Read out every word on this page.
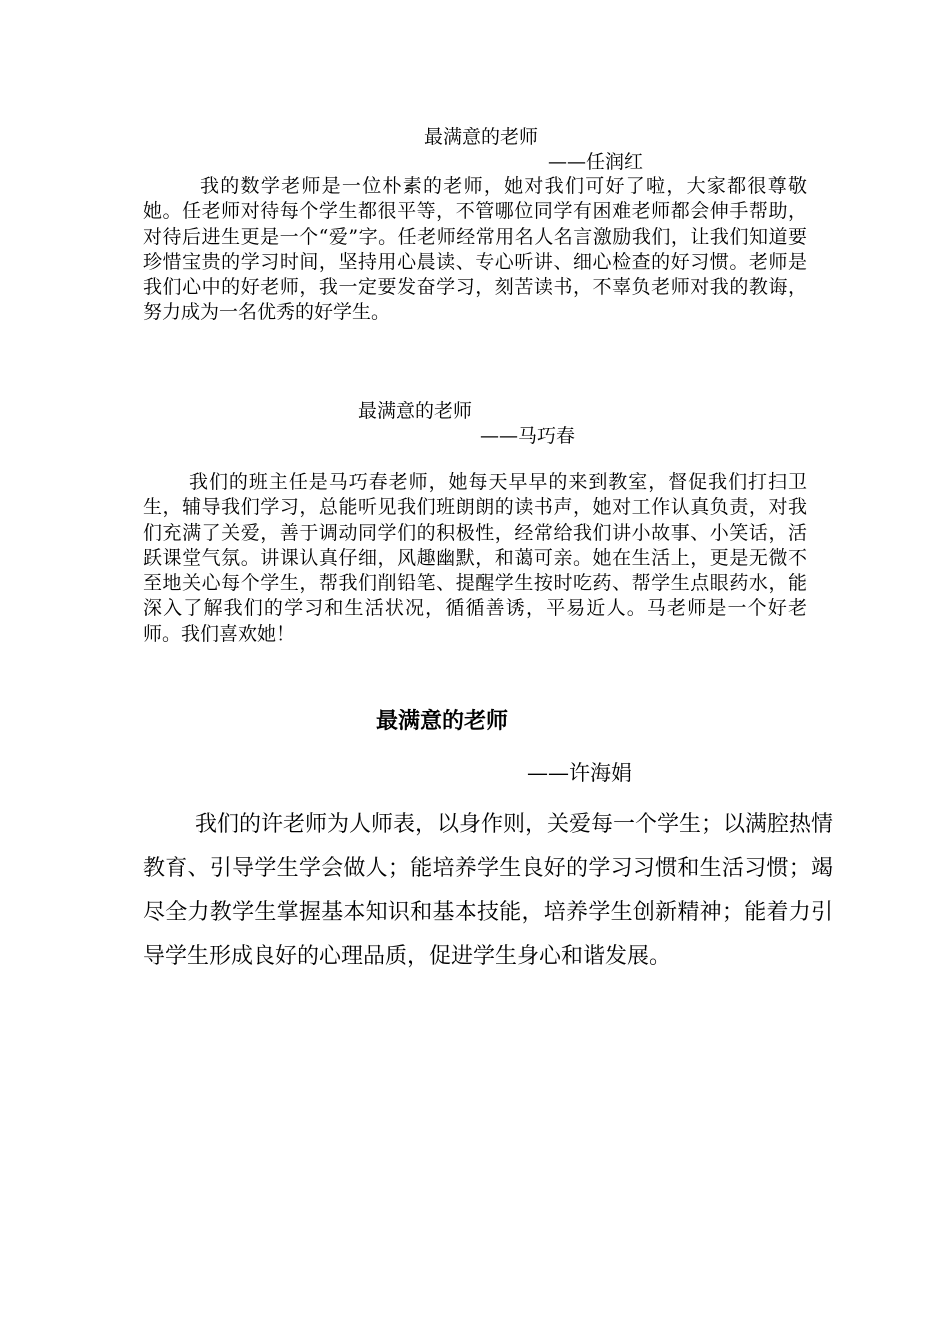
最满意的老师
——任润红

我的数学老师是一位朴素的老师，她对我们可好了啦，大家都很尊敬她。任老师对待每个学生都很平等，不管哪位同学有困难老师都会伸手帮助，对待后进生更是一个“爱”字。任老师经常用名人名言激励我们，让我们知道要珍惜宝贵的学习时间，坚持用心晨读、专心听讲、细心检查的好习惯。老师是我们心中的好老师，我一定要发奋学习，刻苦读书，不辜负老师对我的教诲，努力成为一名优秀的好学生。

最满意的老师
——马巧春

我们的班主任是马巧春老师，她每天早早的来到教室，督促我们打扫卫生，辅导我们学习，总能听见我们班朗朗的读书声，她对工作认真负责，对我们充满了关爱，善于调动同学们的积极性，经常给我们讲小故事、小笑话，活跃课堂气氛。讲课认真仔细，风趣幽默，和蔼可亲。她在生活上，更是无微不至地关心每个学生，帮我们削铅笔、提醒学生按时吃药、帮学生点眼药水，能深入了解我们的学习和生活状况，循循善诱，平易近人。马老师是一个好老师。我们喜欢她！

最满意的老师
——许海娟

我们的许老师为人师表，以身作则，关爱每一个学生；以满腔热情教育、引导学生学会做人；能培养学生良好的学习习惯和生活习惯；竭尽全力教学生掌握基本知识和基本技能，培养学生创新精神；能着力引导学生形成良好的心理品质，促进学生身心和谐发展。
